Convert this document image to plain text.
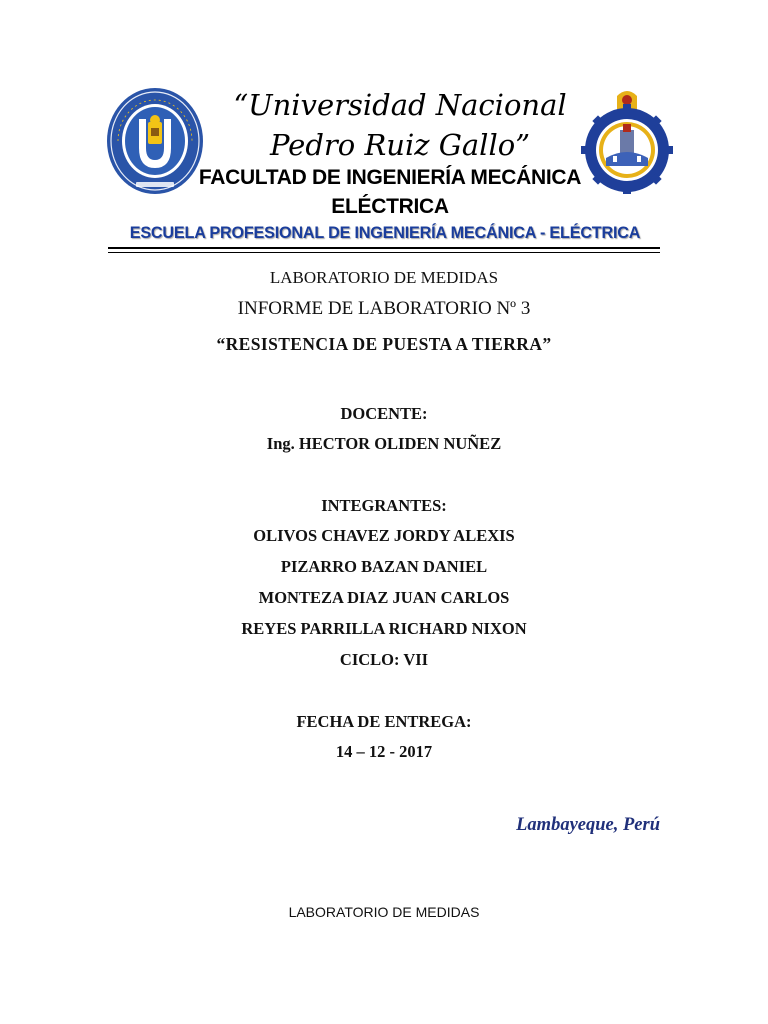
“Universidad Nacional
Pedro Ruiz Gallo”
FACULTAD DE INGENIERÍA MECÁNICA
ELÉCTRICA
ESCUELA PROFESIONAL DE INGENIERÍA MECÁNICA - ELÉCTRICA
LABORATORIO DE MEDIDAS
INFORME DE LABORATORIO Nº 3
“RESISTENCIA DE PUESTA A TIERRA”
DOCENTE:
Ing. HECTOR OLIDEN NUÑEZ
INTEGRANTES:
OLIVOS CHAVEZ JORDY ALEXIS
PIZARRO BAZAN DANIEL
MONTEZA DIAZ JUAN CARLOS
REYES PARRILLA RICHARD NIXON
CICLO: VII
FECHA DE ENTREGA:
14 – 12 - 2017
Lambayeque, Perú
LABORATORIO DE MEDIDAS
